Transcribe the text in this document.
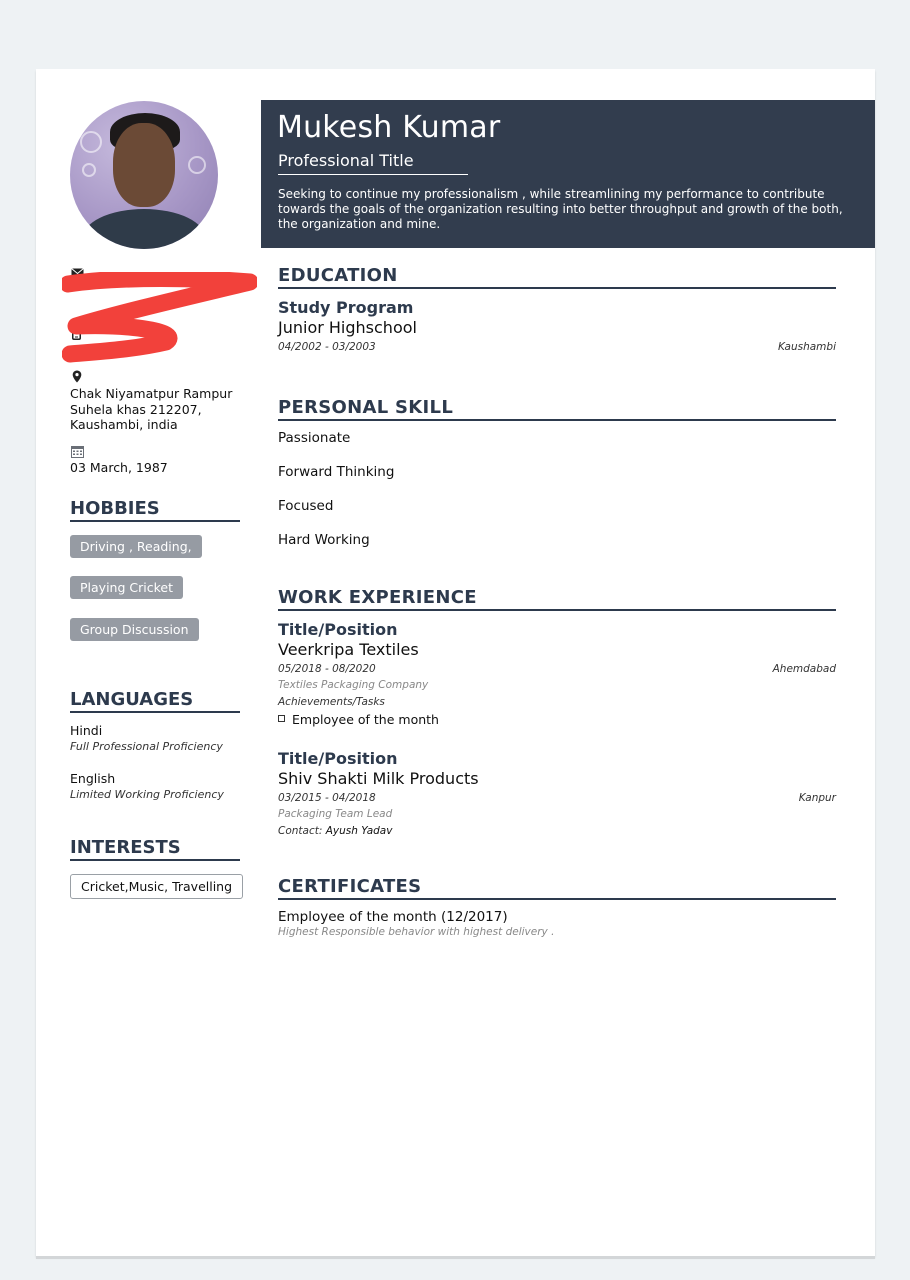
Mukesh Kumar
Professional Title
Seeking to continue my professionalism , while streamlining my performance to contribute towards the goals of the organization resulting into better throughput and growth of the both, the organization and mine.
Chak Niyamatpur Rampur Suhela khas 212207, Kaushambi, india
03 March, 1987
HOBBIES
Driving , Reading,
Playing Cricket
Group Discussion
LANGUAGES
Hindi
Full Professional Proficiency
English
Limited Working Proficiency
INTERESTS
Cricket,Music, Travelling
EDUCATION
Study Program
Junior Highschool
04/2002 - 03/2003	Kaushambi
PERSONAL SKILL
Passionate
Forward Thinking
Focused
Hard Working
WORK EXPERIENCE
Title/Position
Veerkripa Textiles
05/2018 - 08/2020	Ahemdabad
Textiles Packaging Company
Achievements/Tasks
Employee of the month
Title/Position
Shiv Shakti Milk Products
03/2015 - 04/2018	Kanpur
Packaging Team Lead
Contact: Ayush Yadav
CERTIFICATES
Employee of the month (12/2017)
Highest Responsible behavior with highest delivery .
